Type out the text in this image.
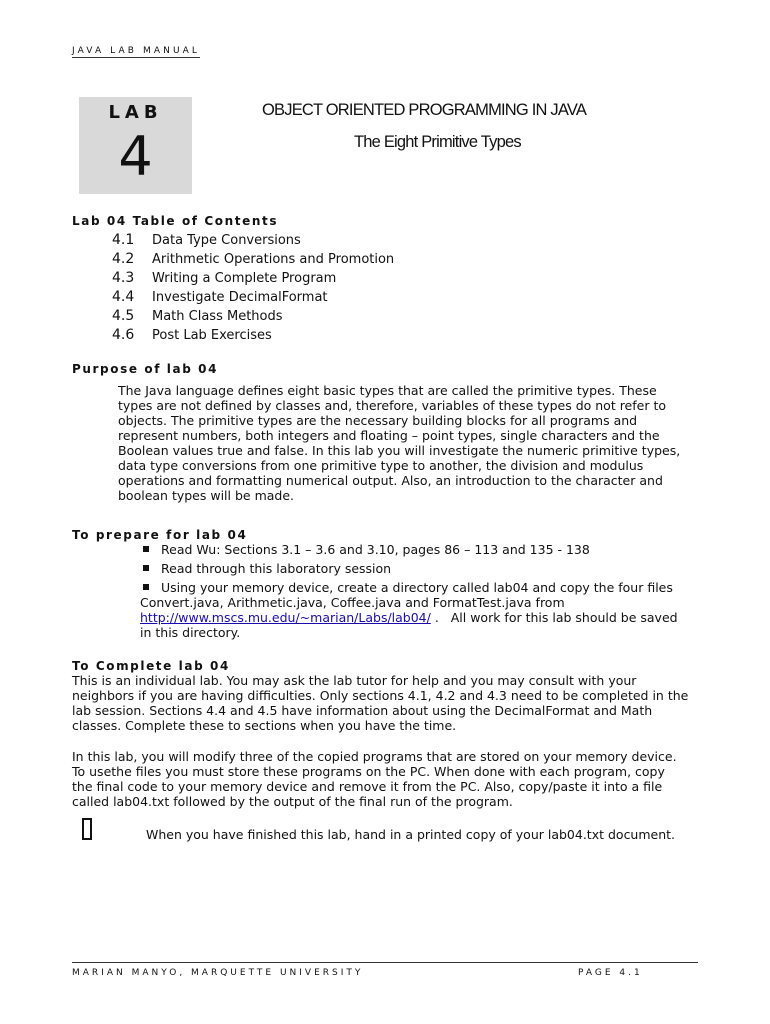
JAVA LAB MANUAL
LAB
4
OBJECT ORIENTED PROGRAMMING IN JAVA
The Eight Primitive Types
Lab 04 Table of Contents
4.1 Data Type Conversions
4.2 Arithmetic Operations and Promotion
4.3 Writing a Complete Program
4.4 Investigate DecimalFormat
4.5 Math Class Methods
4.6 Post Lab Exercises
Purpose of lab 04
The Java language defines eight basic types that are called the primitive types. These
types are not defined by classes and, therefore, variables of these types do not refer to
objects. The primitive types are the necessary building blocks for all programs and
represent numbers, both integers and floating – point types, single characters and the
Boolean values true and false. In this lab you will investigate the numeric primitive types,
data type conversions from one primitive type to another, the division and modulus
operations and formatting numerical output. Also, an introduction to the character and
boolean types will be made.
To prepare for lab 04
Read Wu: Sections 3.1 – 3.6 and 3.10, pages 86 – 113 and 135 - 138
Read through this laboratory session
Using your memory device, create a directory called lab04 and copy the four files
Convert.java, Arithmetic.java, Coffee.java and FormatTest.java from
http://www.mscs.mu.edu/~marian/Labs/lab04/ .   All work for this lab should be saved
in this directory.
To Complete lab 04
This is an individual lab. You may ask the lab tutor for help and you may consult with your
neighbors if you are having difficulties. Only sections 4.1, 4.2 and 4.3 need to be completed in the
lab session. Sections 4.4 and 4.5 have information about using the DecimalFormat and Math
classes. Complete these to sections when you have the time.
In this lab, you will modify three of the copied programs that are stored on your memory device.
To usethe files you must store these programs on the PC. When done with each program, copy
the final code to your memory device and remove it from the PC. Also, copy/paste it into a file
called lab04.txt followed by the output of the final run of the program.
When you have finished this lab, hand in a printed copy of your lab04.txt document.
MARIAN MANYO, MARQUETTE UNIVERSITY	PAGE 4.1
